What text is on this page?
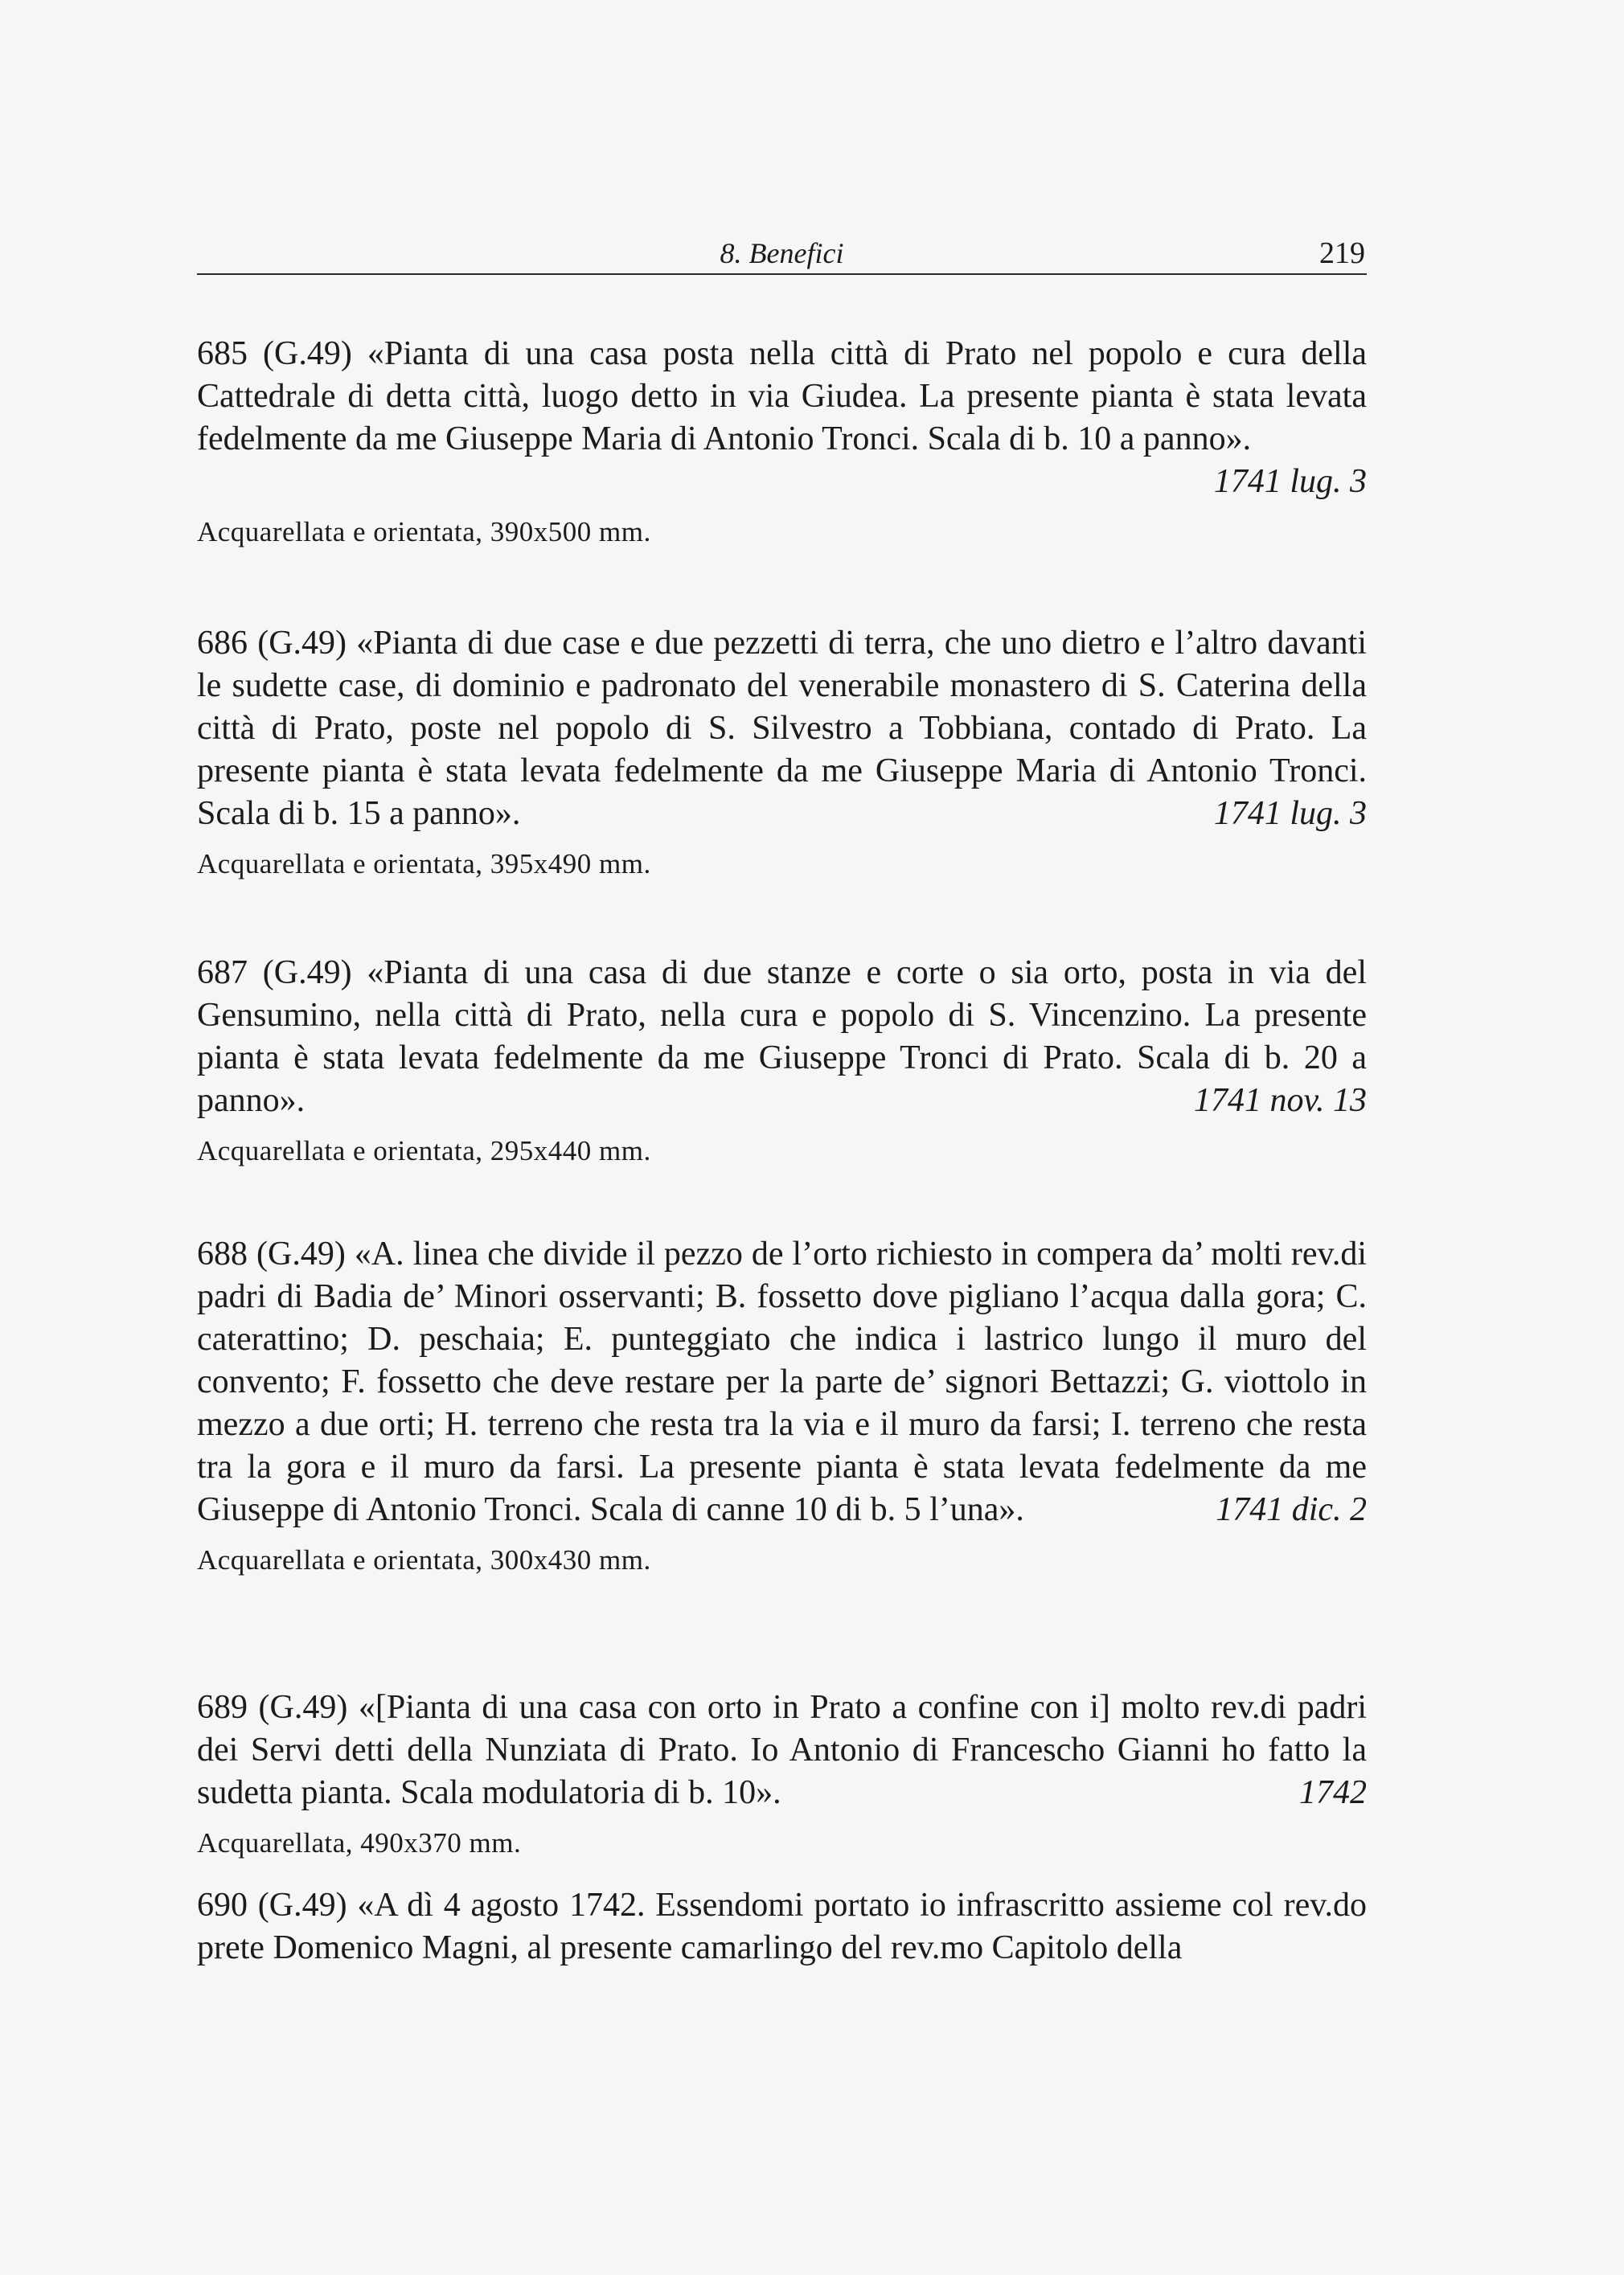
8. Benefici	219

685 (G.49) «Pianta di una casa posta nella città di Prato nel popolo e cura della Cattedrale di detta città, luogo detto in via Giudea. La presente pianta è stata levata fedelmente da me Giuseppe Maria di Antonio Tronci. Scala di b. 10 a panno».
1741 lug. 3

Acquarellata e orientata, 390x500 mm.

686 (G.49) «Pianta di due case e due pezzetti di terra, che uno dietro e l’altro davanti le sudette case, di dominio e padronato del venerabile monastero di S. Caterina della città di Prato, poste nel popolo di S. Silvestro a Tobbiana, contado di Prato. La presente pianta è stata levata fedelmente da me Giuseppe Maria di Antonio Tronci. Scala di b. 15 a panno».	1741 lug. 3

Acquarellata e orientata, 395x490 mm.

687 (G.49) «Pianta di una casa di due stanze e corte o sia orto, posta in via del Gensumino, nella città di Prato, nella cura e popolo di S. Vincenzino. La presente pianta è stata levata fedelmente da me Giuseppe Tronci di Prato. Scala di b. 20 a panno».	1741 nov. 13

Acquarellata e orientata, 295x440 mm.

688 (G.49) «A. linea che divide il pezzo de l’orto richiesto in compera da’ molti rev.di padri di Badia de’ Minori osservanti; B. fossetto dove pigliano l’acqua dalla gora; C. caterattino; D. peschaia; E. punteggiato che indica i lastrico lungo il muro del convento; F. fossetto che deve restare per la parte de’ signori Bettazzi; G. viottolo in mezzo a due orti; H. terreno che resta tra la via e il muro da farsi; I. terreno che resta tra la gora e il muro da farsi. La presente pianta è stata levata fedelmente da me Giuseppe di Antonio Tronci. Scala di canne 10 di b. 5 l’una».	1741 dic. 2

Acquarellata e orientata, 300x430 mm.

689 (G.49) «[Pianta di una casa con orto in Prato a confine con i] molto rev.di padri dei Servi detti della Nunziata di Prato. Io Antonio di Francescho Gianni ho fatto la sudetta pianta. Scala modulatoria di b. 10».	1742

Acquarellata, 490x370 mm.

690 (G.49) «A dì 4 agosto 1742. Essendomi portato io infrascritto assieme col rev.do prete Domenico Magni, al presente camarlingo del rev.mo Capitolo della
